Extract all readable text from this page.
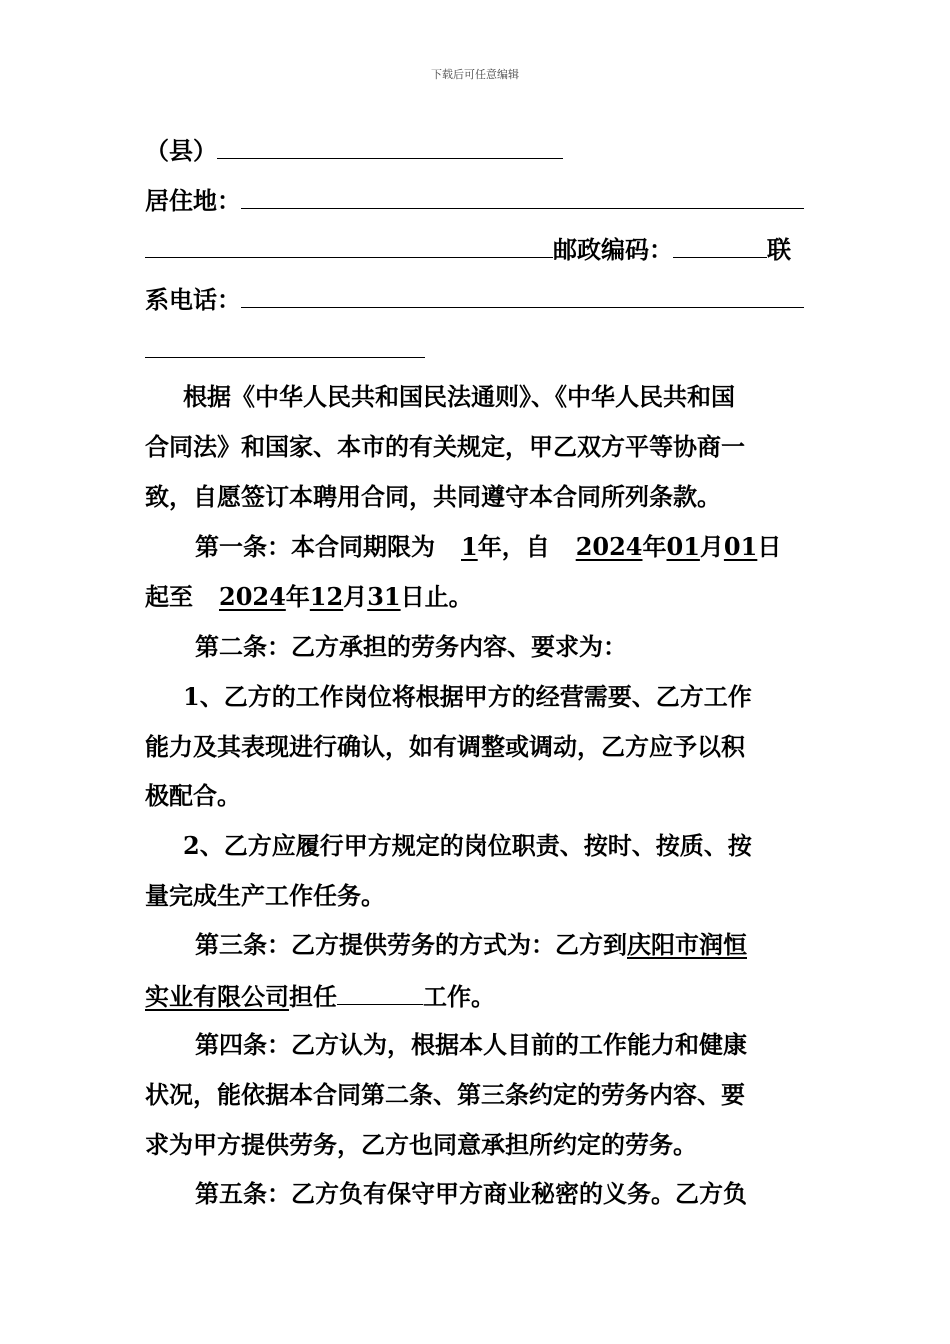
下载后可任意编辑
（县）
居住地：
邮政编码：	联
系电话：
根据《中华人民共和国民法通则》、《中华人民共和国
合同法》和国家、本市的有关规定，甲乙双方平等协商一
致，自愿签订本聘用合同，共同遵守本合同所列条款。
第一条：本合同期限为 1年，自 2024年01月01日
起至 2024年12月31日止。
第二条：乙方承担的劳务内容、要求为：
1、乙方的工作岗位将根据甲方的经营需要、乙方工作
能力及其表现进行确认，如有调整或调动，乙方应予以积
极配合。
2、乙方应履行甲方规定的岗位职责、按时、按质、按
量完成生产工作任务。
第三条：乙方提供劳务的方式为：乙方到庆阳市润恒
实业有限公司担任	工作。
第四条：乙方认为，根据本人目前的工作能力和健康
状况，能依据本合同第二条、第三条约定的劳务内容、要
求为甲方提供劳务，乙方也同意承担所约定的劳务。
第五条：乙方负有保守甲方商业秘密的义务。乙方负
